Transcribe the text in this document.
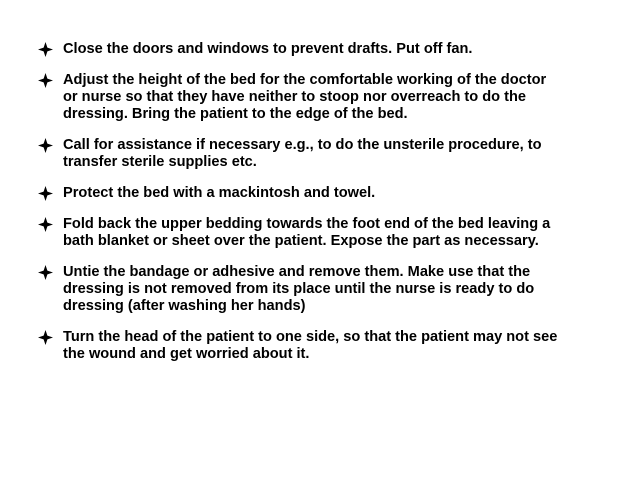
Close the doors and windows to prevent drafts. Put off fan.
Adjust the height of the bed for the comfortable working of the doctor
or nurse so that they have neither to stoop nor overreach to do the
dressing. Bring the patient to the edge of the bed.
Call for assistance if necessary e.g., to do the unsterile procedure, to
transfer sterile supplies etc.
Protect the bed with a mackintosh and towel.
Fold back the upper bedding towards the foot end of the bed leaving a
bath blanket or sheet over the patient. Expose the part as necessary.
Untie the bandage or adhesive and remove them. Make use that the
dressing is not removed from its place until the nurse is ready to do
dressing (after washing her hands)
Turn the head of the patient to one side, so that the patient may not see
the wound and get worried about it.
